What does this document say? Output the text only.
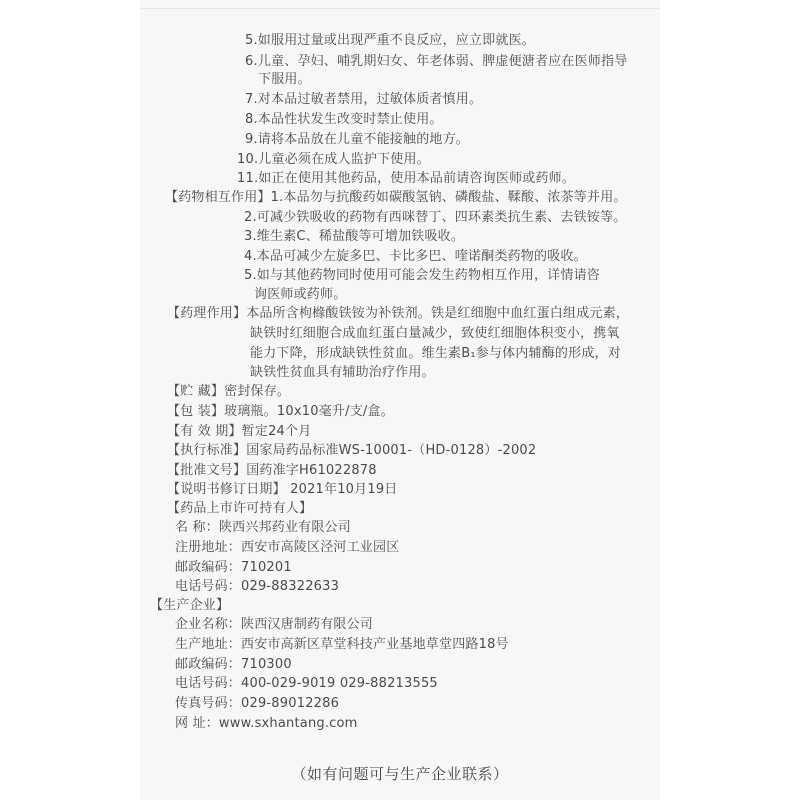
5.如服用过量或出现严重不良反应，应立即就医。
6.儿童、孕妇、哺乳期妇女、年老体弱、脾虚便溏者应在医师指导
下服用。
7.对本品过敏者禁用，过敏体质者慎用。
8.本品性状发生改变时禁止使用。
9.请将本品放在儿童不能接触的地方。
10.儿童必须在成人监护下使用。
11.如正在使用其他药品，使用本品前请咨询医师或药师。
【药物相互作用】1.本品勿与抗酸药如碳酸氢钠、磷酸盐、鞣酸、浓茶等并用。
2.可减少铁吸收的药物有西咪替丁、四环素类抗生素、去铁铵等。
3.维生素C、稀盐酸等可增加铁吸收。
4.本品可减少左旋多巴、卡比多巴、喹诺酮类药物的吸收。
5.如与其他药物同时使用可能会发生药物相互作用，详情请咨
询医师或药师。
【药理作用】本品所含枸橼酸铁铵为补铁剂。铁是红细胞中血红蛋白组成元素，
缺铁时红细胞合成血红蛋白量减少，致使红细胞体积变小，携氧
能力下降，形成缺铁性贫血。维生素B₁参与体内辅酶的形成，对
缺铁性贫血具有辅助治疗作用。
【贮 藏】密封保存。
【包 装】玻璃瓶。10x10毫升/支/盒。
【有 效 期】暂定24个月
【执行标准】国家局药品标准WS-10001-（HD-0128）-2002
【批准文号】国药准字H61022878
【说明书修订日期】 2021年10月19日
【药品上市许可持有人】
名 称：陕西兴邦药业有限公司
注册地址：西安市高陵区泾河工业园区
邮政编码：710201
电话号码：029-88322633
【生产企业】
企业名称：陕西汉唐制药有限公司
生产地址：西安市高新区草堂科技产业基地草堂四路18号
邮政编码：710300
电话号码：400-029-9019 029-88213555
传真号码：029-89012286
网 址：www.sxhantang.com
（如有问题可与生产企业联系）
